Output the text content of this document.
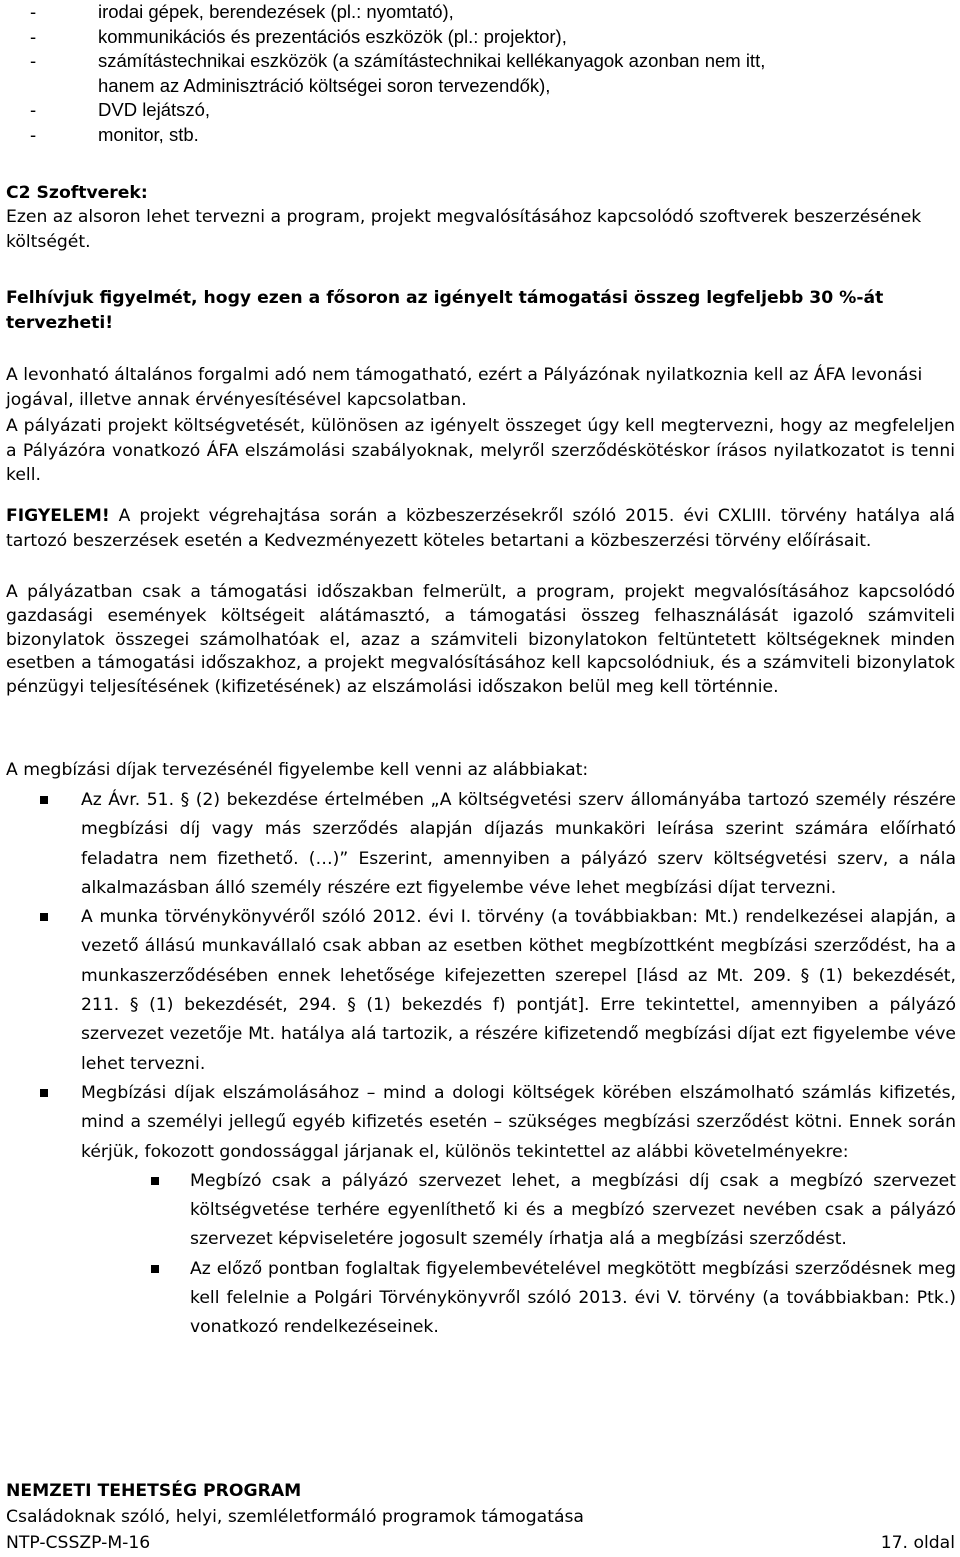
-	irodai gépek, berendezések (pl.: nyomtató),
-	kommunikációs és prezentációs eszközök (pl.: projektor),
-	számítástechnikai eszközök (a számítástechnikai kellékanyagok azonban nem itt,
hanem az Adminisztráció költségei soron tervezendők),
-	DVD lejátszó,
-	monitor, stb.
C2 Szoftverek:
Ezen az alsoron lehet tervezni a program, projekt megvalósításához kapcsolódó szoftverek beszerzésének költségét.
Felhívjuk figyelmét, hogy ezen a fősoron az igényelt támogatási összeg legfeljebb 30 %-át tervezheti!
A levonható általános forgalmi adó nem támogatható, ezért a Pályázónak nyilatkoznia kell az ÁFA levonási jogával, illetve annak érvényesítésével kapcsolatban.
A pályázati projekt költségvetését, különösen az igényelt összeget úgy kell megtervezni, hogy az megfeleljen a Pályázóra vonatkozó ÁFA elszámolási szabályoknak, melyről szerződéskötéskor írásos nyilatkozatot is tenni kell.
FIGYELEM! A projekt végrehajtása során a közbeszerzésekről szóló 2015. évi CXLIII. törvény hatálya alá tartozó beszerzések esetén a Kedvezményezett köteles betartani a közbeszerzési törvény előírásait.
A pályázatban csak a támogatási időszakban felmerült, a program, projekt megvalósításához kapcsolódó gazdasági események költségeit alátámasztó, a támogatási összeg felhasználását igazoló számviteli bizonylatok összegei számolhatóak el, azaz a számviteli bizonylatokon feltüntetett költségeknek minden esetben a támogatási időszakhoz, a projekt megvalósításához kell kapcsolódniuk, és a számviteli bizonylatok pénzügyi teljesítésének (kifizetésének) az elszámolási időszakon belül meg kell történnie.
A megbízási díjak tervezésénél figyelembe kell venni az alábbiakat:
Az Ávr. 51. § (2) bekezdése értelmében „A költségvetési szerv állományába tartozó személy részére megbízási díj vagy más szerződés alapján díjazás munkaköri leírása szerint számára előírható feladatra nem fizethető. (…)” Eszerint, amennyiben a pályázó szerv költségvetési szerv, a nála alkalmazásban álló személy részére ezt figyelembe véve lehet megbízási díjat tervezni.
A munka törvénykönyvéről szóló 2012. évi I. törvény (a továbbiakban: Mt.) rendelkezései alapján, a vezető állású munkavállaló csak abban az esetben köthet megbízottként megbízási szerződést, ha a munkaszerződésében ennek lehetősége kifejezetten szerepel [lásd az Mt. 209. § (1) bekezdését, 211. § (1) bekezdését, 294. § (1) bekezdés f) pontját]. Erre tekintettel, amennyiben a pályázó szervezet vezetője Mt. hatálya alá tartozik, a részére kifizetendő megbízási díjat ezt figyelembe véve lehet tervezni.
Megbízási díjak elszámolásához – mind a dologi költségek körében elszámolható számlás kifizetés, mind a személyi jellegű egyéb kifizetés esetén – szükséges megbízási szerződést kötni. Ennek során kérjük, fokozott gondossággal járjanak el, különös tekintettel az alábbi követelményekre:
Megbízó csak a pályázó szervezet lehet, a megbízási díj csak a megbízó szervezet költségvetése terhére egyenlíthető ki és a megbízó szervezet nevében csak a pályázó szervezet képviseletére jogosult személy írhatja alá a megbízási szerződést.
Az előző pontban foglaltak figyelembevételével megkötött megbízási szerződésnek meg kell felelnie a Polgári Törvénykönyvről szóló 2013. évi V. törvény (a továbbiakban: Ptk.) vonatkozó rendelkezéseinek.
NEMZETI TEHETSÉG PROGRAM
Családoknak szóló, helyi, szemléletformáló programok támogatása
NTP-CSSZP-M-16	17. oldal
